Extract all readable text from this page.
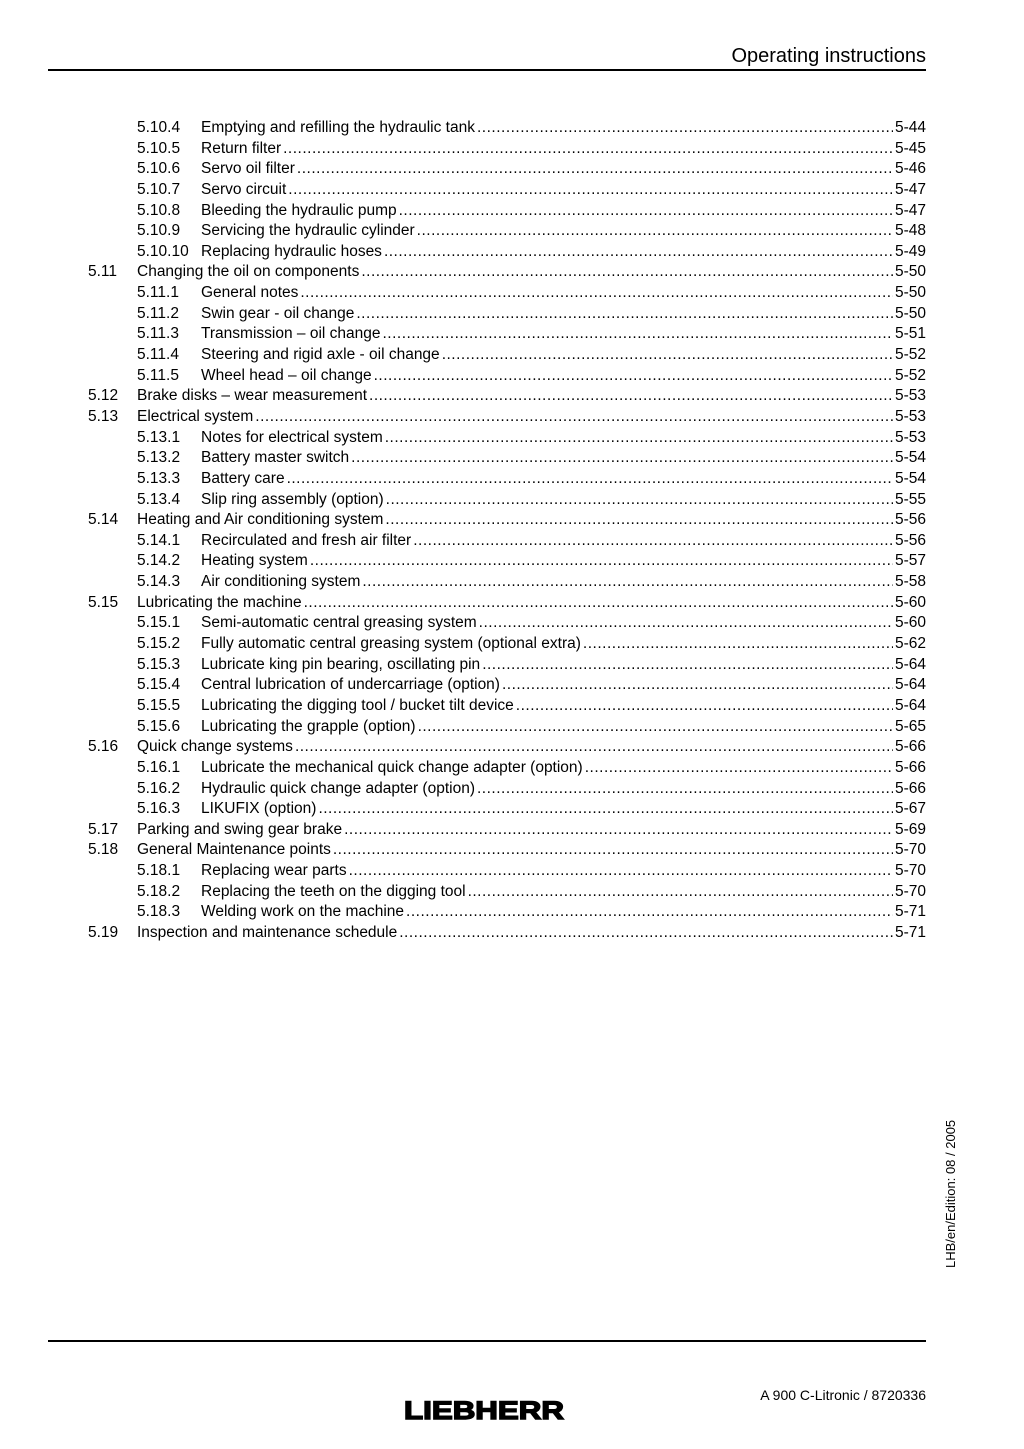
Operating instructions
5.10.4	Emptying and refilling the hydraulic tank .....	5-44
5.10.5	Return filter .....	5-45
5.10.6	Servo oil filter .....	5-46
5.10.7	Servo circuit .....	5-47
5.10.8	Bleeding the hydraulic pump .....	5-47
5.10.9	Servicing the hydraulic cylinder .....	5-48
5.10.10 Replacing hydraulic hoses .....	5-49
5.11	Changing the oil on components .....	5-50
5.11.1	General notes .....	5-50
5.11.2	Swin gear - oil change .....	5-50
5.11.3	Transmission – oil change .....	5-51
5.11.4	Steering and rigid axle - oil change .....	5-52
5.11.5	Wheel head – oil change .....	5-52
5.12	Brake disks – wear measurement .....	5-53
5.13	Electrical system .....	5-53
5.13.1	Notes for electrical system .....	5-53
5.13.2	Battery master switch .....	5-54
5.13.3	Battery care .....	5-54
5.13.4	Slip ring assembly (option) .....	5-55
5.14	Heating and Air conditioning system .....	5-56
5.14.1	Recirculated and fresh air filter .....	5-56
5.14.2	Heating system .....	5-57
5.14.3	Air conditioning system .....	5-58
5.15	Lubricating the machine .....	5-60
5.15.1	Semi-automatic central greasing system .....	5-60
5.15.2	Fully automatic central greasing system (optional extra) .....	5-62
5.15.3	Lubricate king pin bearing, oscillating pin .....	5-64
5.15.4	Central lubrication of undercarriage (option) .....	5-64
5.15.5	Lubricating the digging tool / bucket tilt device .....	5-64
5.15.6	Lubricating the grapple (option) .....	5-65
5.16	Quick change systems .....	5-66
5.16.1	Lubricate the mechanical quick change adapter (option) .....	5-66
5.16.2	Hydraulic quick change adapter (option) .....	5-66
5.16.3	LIKUFIX (option) .....	5-67
5.17	Parking and swing gear brake .....	5-69
5.18	General Maintenance points .....	5-70
5.18.1	Replacing wear parts .....	5-70
5.18.2	Replacing the teeth on the digging tool .....	5-70
5.18.3	Welding work on the machine .....	5-71
5.19	Inspection and maintenance schedule .....	5-71
LHB/en/Edition: 08 / 2005
LIEBHERR
A 900 C-Litronic / 8720336
